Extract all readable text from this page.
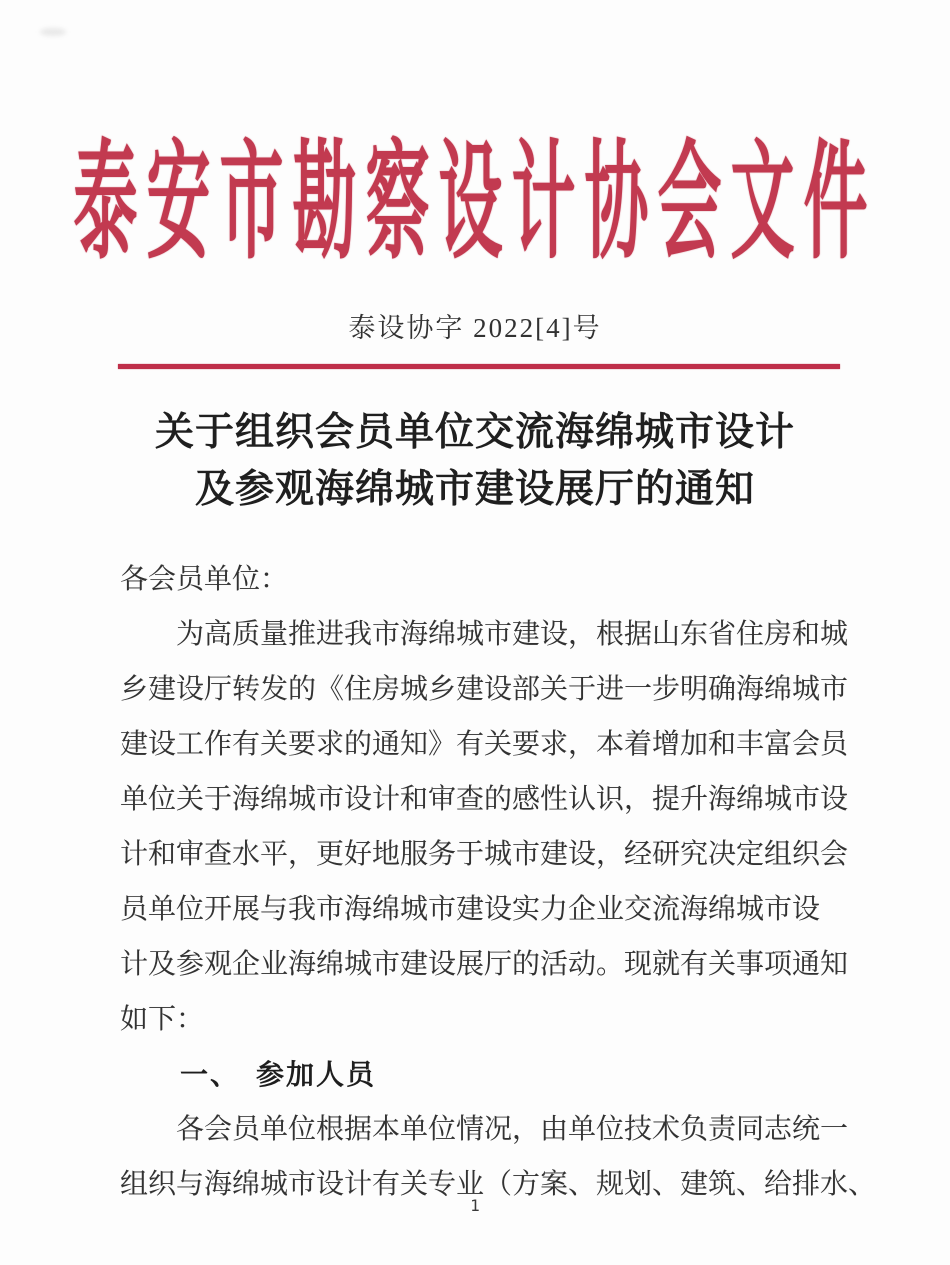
泰安市勘察设计协会文件
泰设协字 2022[4]号
关于组织会员单位交流海绵城市设计
及参观海绵城市建设展厅的通知
各会员单位：
　　为高质量推进我市海绵城市建设，根据山东省住房和城
乡建设厅转发的《住房城乡建设部关于进一步明确海绵城市
建设工作有关要求的通知》有关要求，本着增加和丰富会员
单位关于海绵城市设计和审查的感性认识，提升海绵城市设
计和审查水平，更好地服务于城市建设，经研究决定组织会
员单位开展与我市海绵城市建设实力企业交流海绵城市设
计及参观企业海绵城市建设展厅的活动。现就有关事项通知
如下：
　　一、　参加人员
　　各会员单位根据本单位情况，由单位技术负责同志统一
组织与海绵城市设计有关专业（方案、规划、建筑、给排水、
1
